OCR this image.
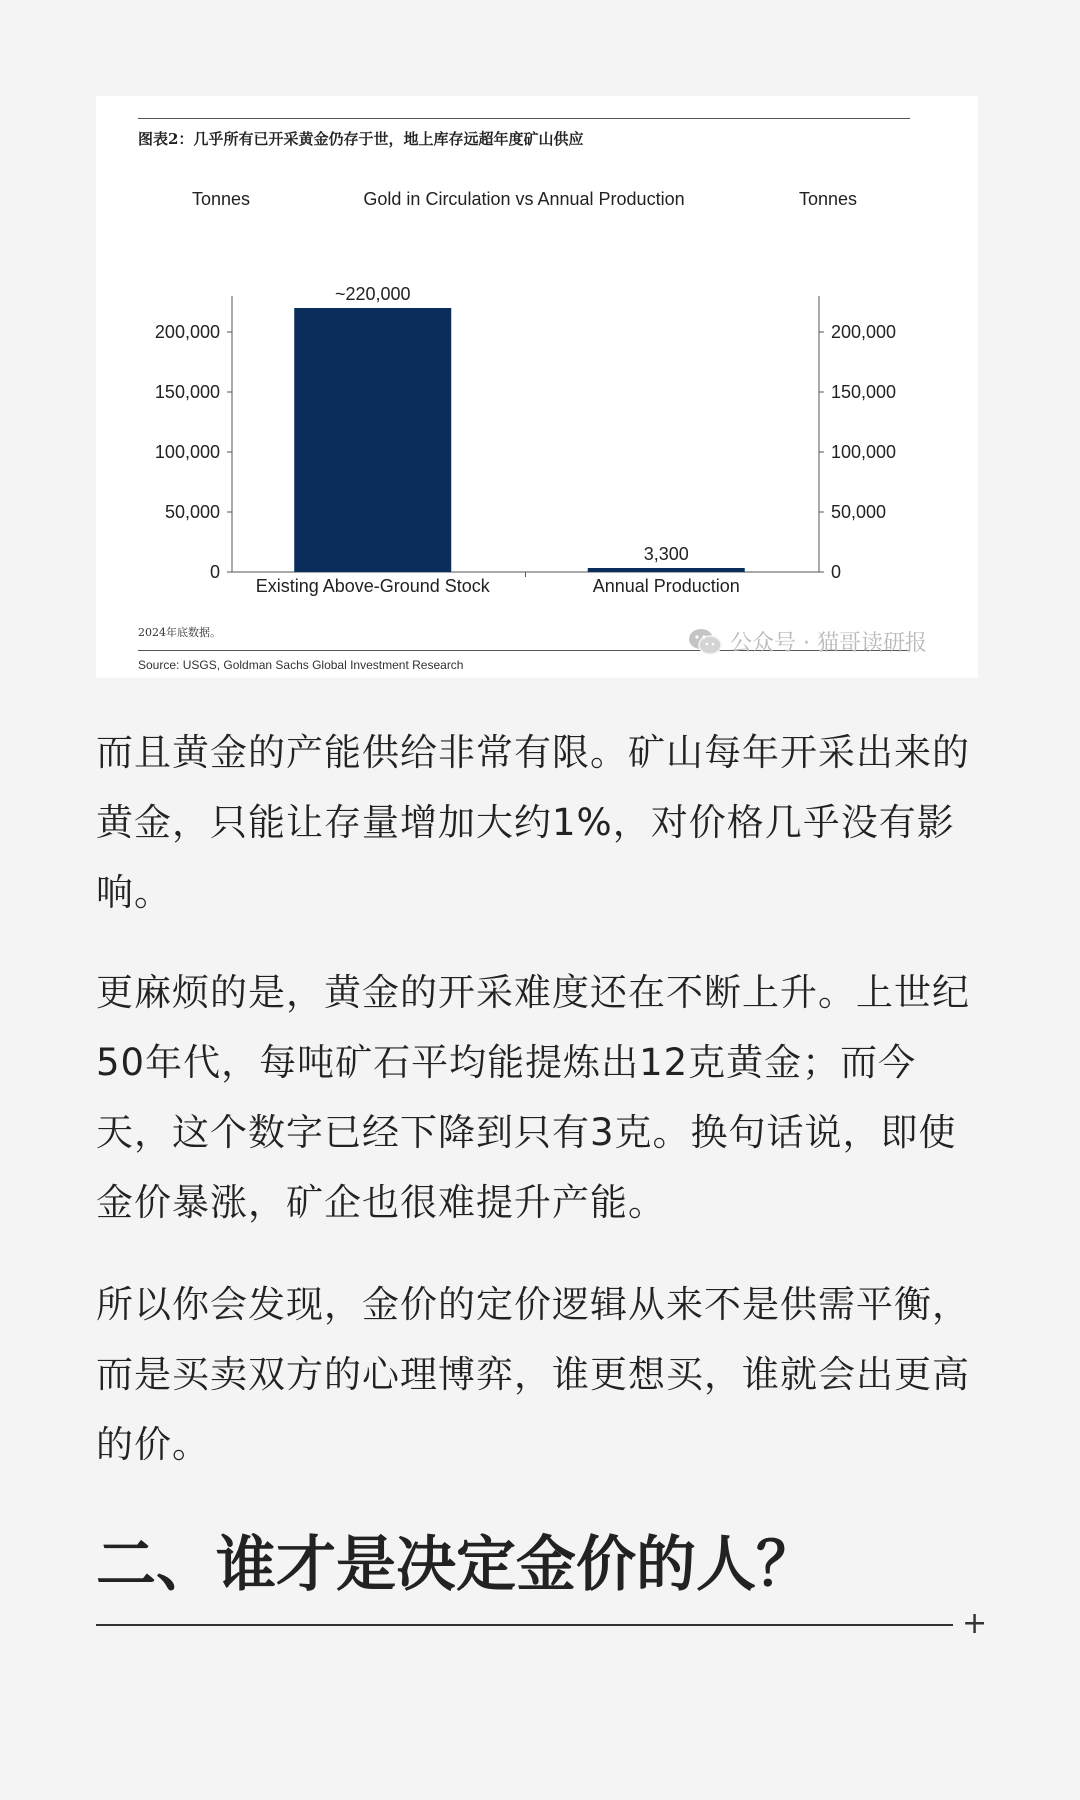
图表2：几乎所有已开采黄金仍存于世，地上库存远超年度矿山供应
Gold in Circulation vs Annual Production
Tonnes	Tonnes
0	0
50,000	50,000
100,000	100,000
150,000	150,000
200,000	200,000
~220,000
Existing Above-Ground Stock
3,300
Annual Production
2024年底数据。
Source: USGS, Goldman Sachs Global Investment Research
公众号 · 猫哥读研报

而且黄金的产能供给非常有限。矿山每年开采出来的黄金，只能让存量增加大约1%，对价格几乎没有影响。

更麻烦的是，黄金的开采难度还在不断上升。上世纪50年代，每吨矿石平均能提炼出12克黄金；而今天，这个数字已经下降到只有3克。换句话说，即使金价暴涨，矿企也很难提升产能。

所以你会发现，金价的定价逻辑从来不是供需平衡，而是买卖双方的心理博弈，谁更想买，谁就会出更高的价。

二、谁才是决定金价的人？
+
